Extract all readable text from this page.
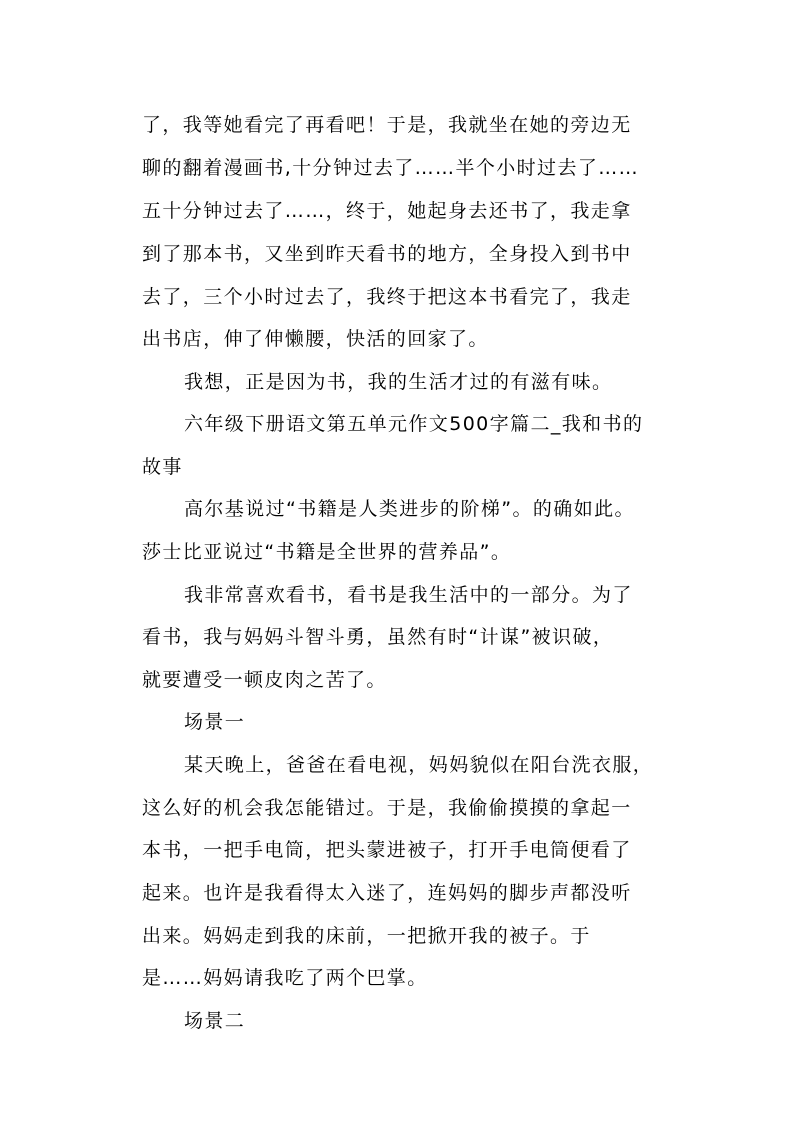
了，我等她看完了再看吧！于是，我就坐在她的旁边无
聊的翻着漫画书,十分钟过去了……半个小时过去了……
五十分钟过去了……，终于，她起身去还书了，我走拿
到了那本书，又坐到昨天看书的地方，全身投入到书中
去了，三个小时过去了，我终于把这本书看完了，我走
出书店，伸了伸懒腰，快活的回家了。
我想，正是因为书，我的生活才过的有滋有味。
六年级下册语文第五单元作文500字篇二_我和书的
故事
高尔基说过“书籍是人类进步的阶梯”。的确如此。
莎士比亚说过“书籍是全世界的营养品”。
我非常喜欢看书，看书是我生活中的一部分。为了
看书，我与妈妈斗智斗勇，虽然有时“计谋”被识破，
就要遭受一顿皮肉之苦了。
场景一
某天晚上，爸爸在看电视，妈妈貌似在阳台洗衣服，
这么好的机会我怎能错过。于是，我偷偷摸摸的拿起一
本书，一把手电筒，把头蒙进被子，打开手电筒便看了
起来。也许是我看得太入迷了，连妈妈的脚步声都没听
出来。妈妈走到我的床前，一把掀开我的被子。于
是……妈妈请我吃了两个巴掌。
场景二
